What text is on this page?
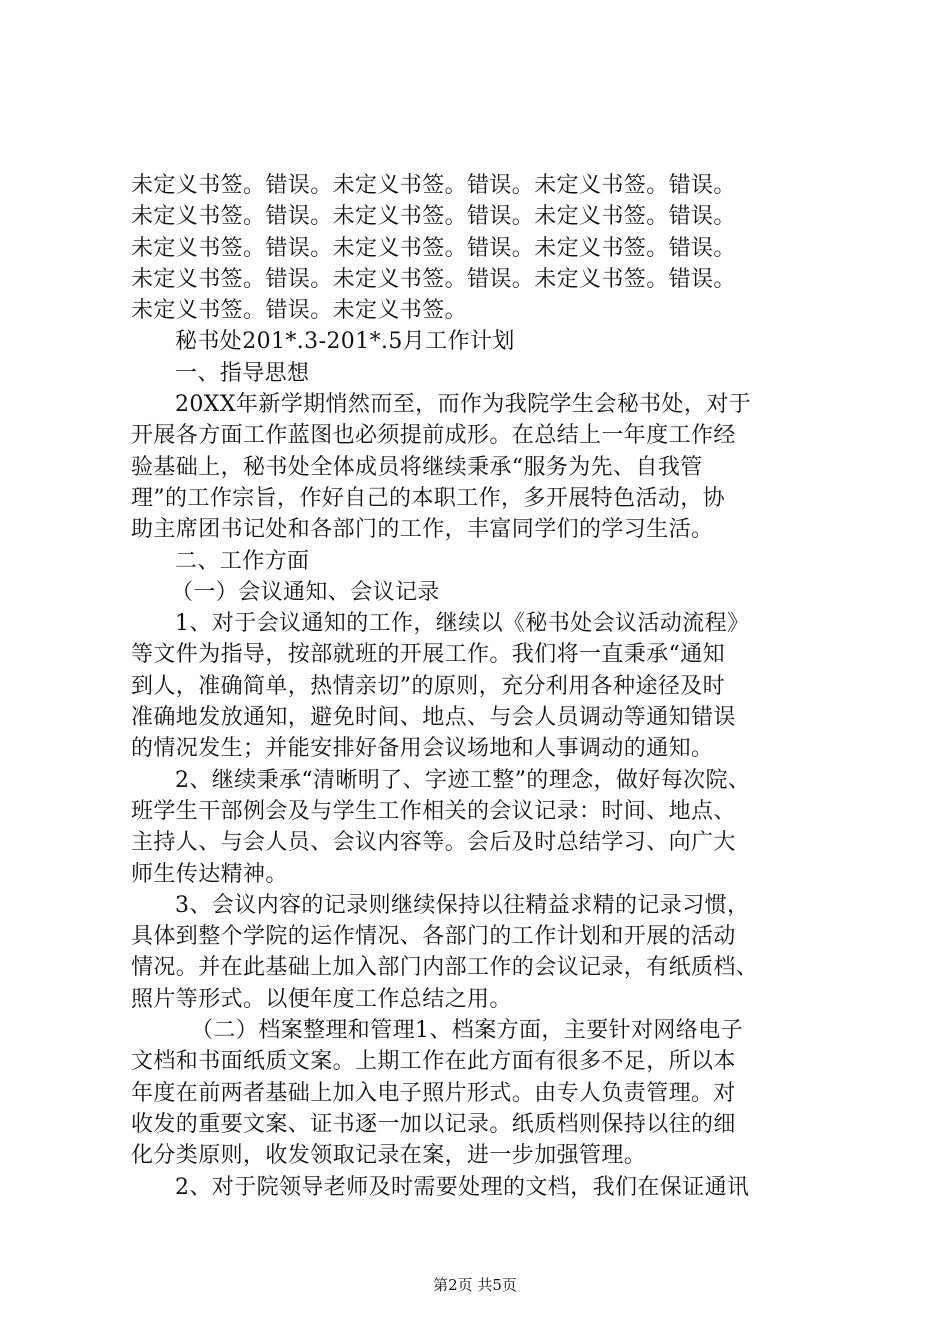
未定义书签。错误。未定义书签。错误。未定义书签。错误。
未定义书签。错误。未定义书签。错误。未定义书签。错误。
未定义书签。错误。未定义书签。错误。未定义书签。错误。
未定义书签。错误。未定义书签。错误。未定义书签。错误。
未定义书签。错误。未定义书签。
秘书处201*.3-201*.5月工作计划
一、指导思想
20XX年新学期悄然而至，而作为我院学生会秘书处，对于
开展各方面工作蓝图也必须提前成形。在总结上一年度工作经
验基础上，秘书处全体成员将继续秉承“服务为先、自我管
理”的工作宗旨，作好自己的本职工作，多开展特色活动，协
助主席团书记处和各部门的工作，丰富同学们的学习生活。
二、工作方面
（一）会议通知、会议记录
1、对于会议通知的工作，继续以《秘书处会议活动流程》
等文件为指导，按部就班的开展工作。我们将一直秉承“通知
到人，准确简单，热情亲切”的原则，充分利用各种途径及时
准确地发放通知，避免时间、地点、与会人员调动等通知错误
的情况发生；并能安排好备用会议场地和人事调动的通知。
2、继续秉承“清晰明了、字迹工整”的理念，做好每次院、
班学生干部例会及与学生工作相关的会议记录：时间、地点、
主持人、与会人员、会议内容等。会后及时总结学习、向广大
师生传达精神。
3、会议内容的记录则继续保持以往精益求精的记录习惯，
具体到整个学院的运作情况、各部门的工作计划和开展的活动
情况。并在此基础上加入部门内部工作的会议记录，有纸质档、
照片等形式。以便年度工作总结之用。
（二）档案整理和管理1、档案方面，主要针对网络电子
文档和书面纸质文案。上期工作在此方面有很多不足，所以本
年度在前两者基础上加入电子照片形式。由专人负责管理。对
收发的重要文案、证书逐一加以记录。纸质档则保持以往的细
化分类原则，收发领取记录在案，进一步加强管理。
2、对于院领导老师及时需要处理的文档，我们在保证通讯
第2页 共5页
